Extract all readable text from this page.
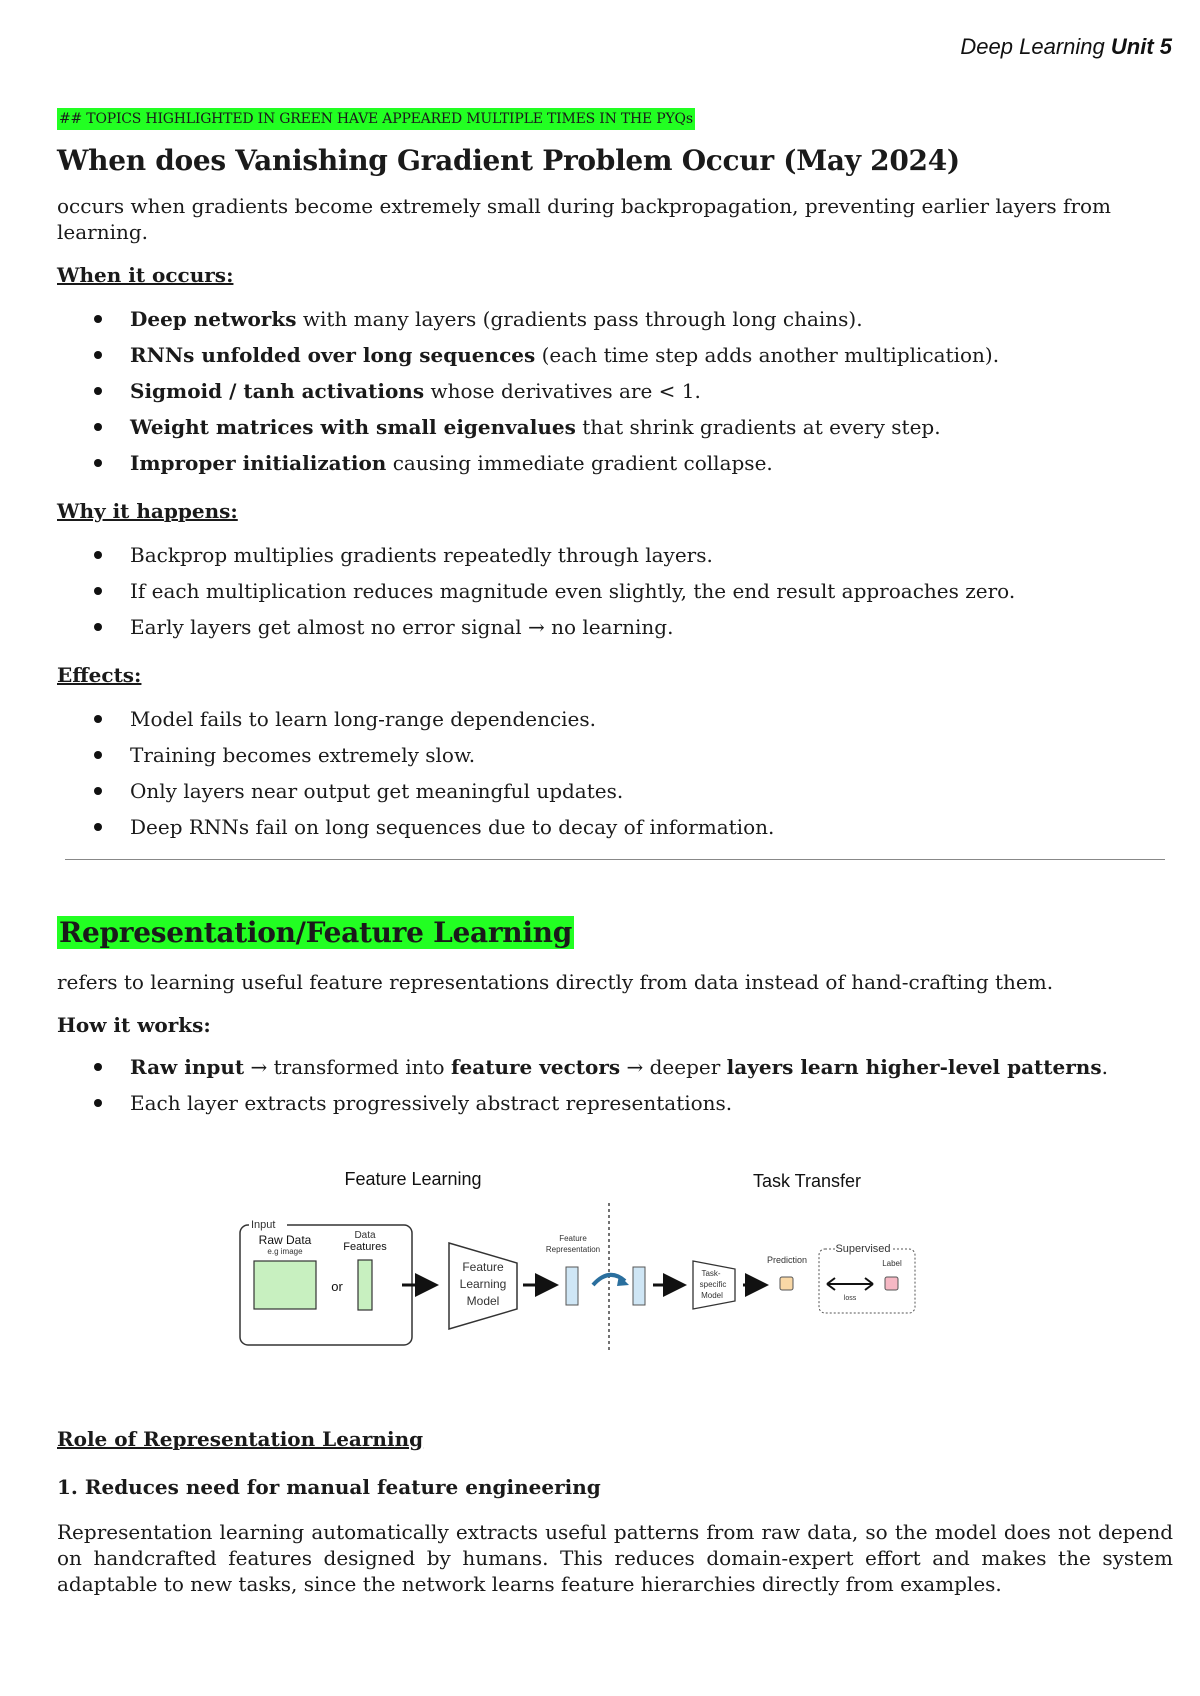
Deep Learning Unit 5
## TOPICS HIGHLIGHTED IN GREEN HAVE APPEARED MULTIPLE TIMES IN THE PYQs
When does Vanishing Gradient Problem Occur (May 2024)

occurs when gradients become extremely small during backpropagation, preventing earlier layers from learning.

When it occurs:
Deep networks with many layers (gradients pass through long chains).
RNNs unfolded over long sequences (each time step adds another multiplication).
Sigmoid / tanh activations whose derivatives are < 1.
Weight matrices with small eigenvalues that shrink gradients at every step.
Improper initialization causing immediate gradient collapse.
Why it happens:
Backprop multiplies gradients repeatedly through layers.
If each multiplication reduces magnitude even slightly, the end result approaches zero.
Early layers get almost no error signal → no learning.
Effects:
Model fails to learn long-range dependencies.
Training becomes extremely slow.
Only layers near output get meaningful updates.
Deep RNNs fail on long sequences due to decay of information.
Representation/Feature Learning

refers to learning useful feature representations directly from data instead of hand-crafting them.

How it works:
Raw input → transformed into feature vectors → deeper layers learn higher-level patterns.
Each layer extracts progressively abstract representations.
Feature Learning	Task Transfer
Input
Raw Data
e.g image
or
Data
Features
Feature
Learning
Model
Feature
Representation
Task-
specific
Model
Prediction
Supervised
Label
loss
Role of Representation Learning
1. Reduces need for manual feature engineering
Representation learning automatically extracts useful patterns from raw data, so the model does not depend on handcrafted features designed by humans. This reduces domain-expert effort and makes the system adaptable to new tasks, since the network learns feature hierarchies directly from examples.
